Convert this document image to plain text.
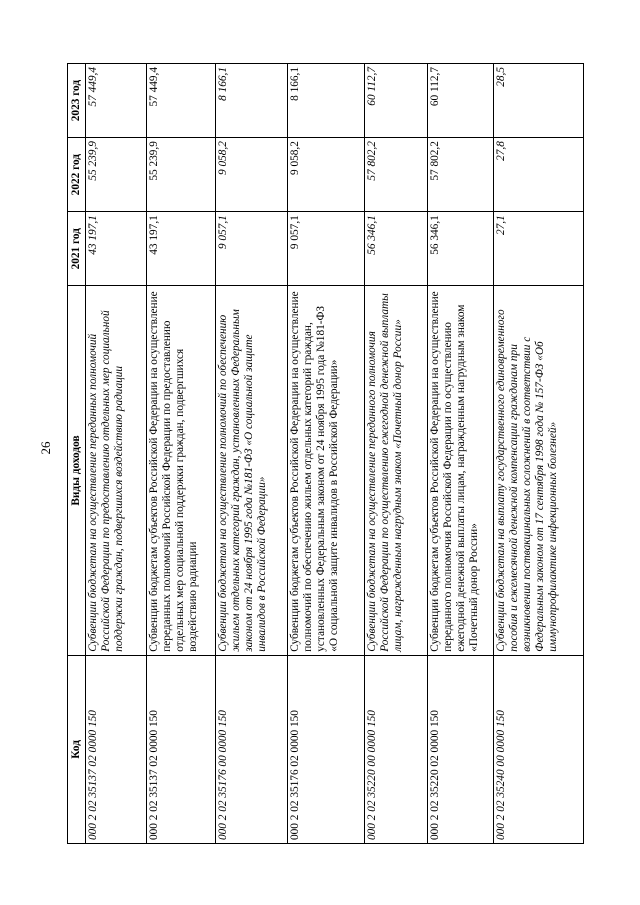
26
Код	Виды доходов	2021 год	2022 год	2023 год
000 2 02 35137 02 0000 150	Субвенции бюджетам на осуществление переданных полномочий Российской Федерации по предоставлению отдельных мер социальной поддержки граждан, подвергшихся воздействию радиации	43 197,1	55 239,9	57 449,4
000 2 02 35137 02 0000 150	Субвенции бюджетам субъектов Российской Федерации на осуществление переданных полномочий Российской Федерации по предоставлению отдельных мер социальной поддержки граждан, подвергшихся воздействию радиации	43 197,1	55 239,9	57 449,4
000 2 02 35176 00 0000 150	Субвенции бюджетам на осуществление полномочий по обеспечению жильем отдельных категорий граждан, установленных Федеральным законом от 24 ноября 1995 года №181-ФЗ «О социальной защите инвалидов в Российской Федерации»	9 057,1	9 058,2	8 166,1
000 2 02 35176 02 0000 150	Субвенции бюджетам субъектов Российской Федерации на осуществление полномочий по обеспечению жильем отдельных категорий граждан, установленных Федеральным законом от 24 ноября 1995 года №181-ФЗ «О социальной защите инвалидов в Российской Федерации»	9 057,1	9 058,2	8 166,1
000 2 02 35220 00 0000 150	Субвенции бюджетам на осуществление переданного полномочия Российской Федерации по осуществлению ежегодной денежной выплаты лицам, награжденным нагрудным знаком «Почетный донор России»	56 346,1	57 802,2	60 112,7
000 2 02 35220 02 0000 150	Субвенции бюджетам субъектов Российской Федерации на осуществление переданного полномочия Российской Федерации по осуществлению ежегодной денежной выплаты лицам, награжденным нагрудным знаком «Почетный донор России»	56 346,1	57 802,2	60 112,7
000 2 02 35240 00 0000 150	Субвенции бюджетам на выплату государственного единовременного пособия и ежемесячной денежной компенсации гражданам при возникновении поствакцинальных осложнений в соответствии с Федеральным законом от 17 сентября 1998 года № 157-ФЗ «Об иммунопрофилактике инфекционных болезней»	27,1	27,8	28,5
